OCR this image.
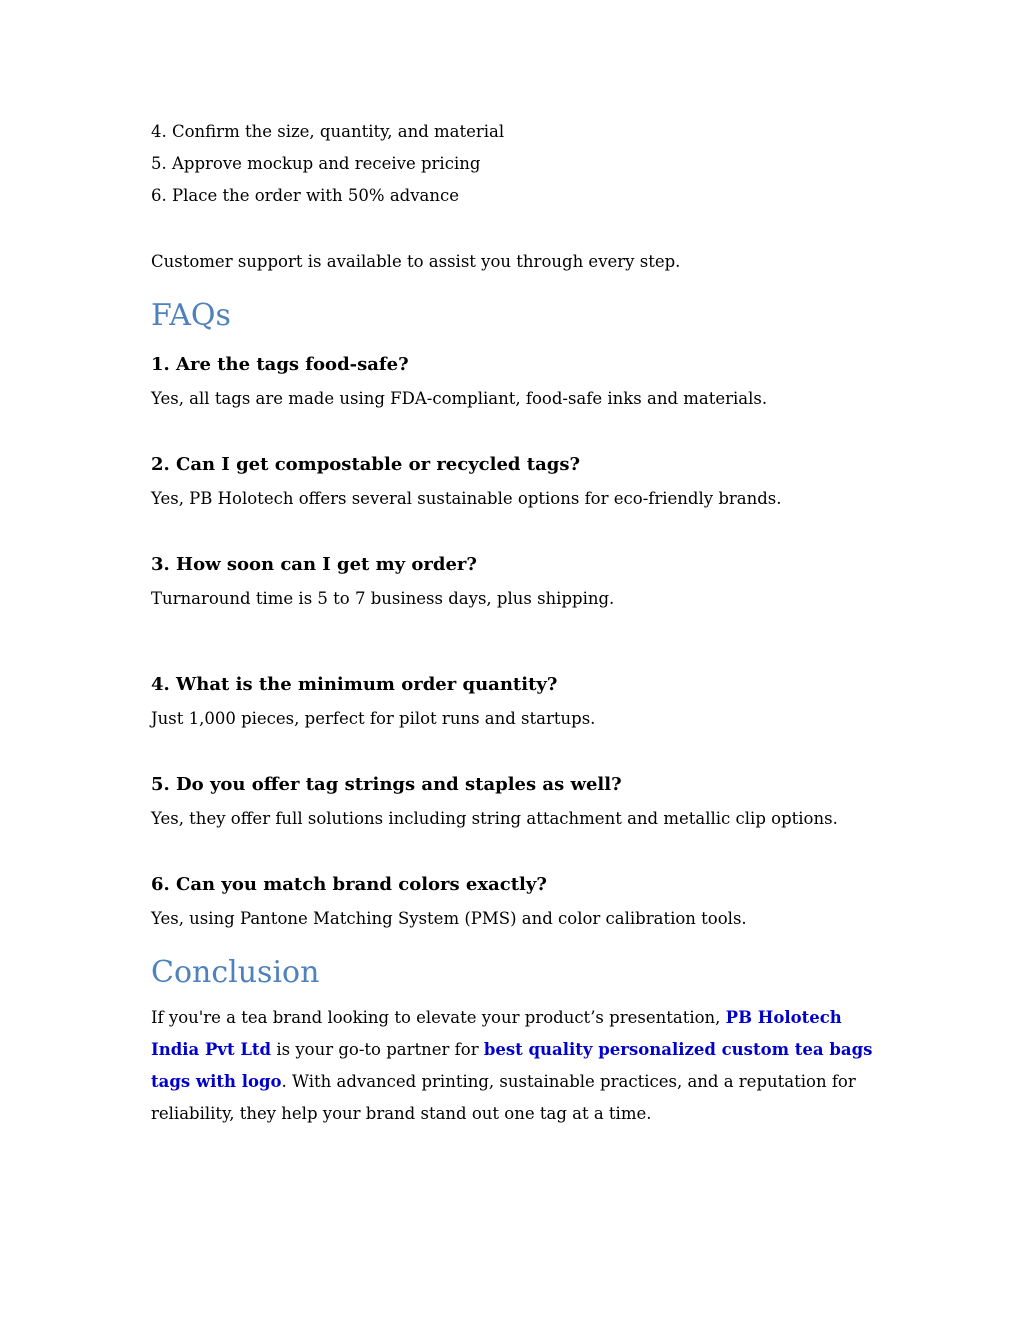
4. Confirm the size, quantity, and material

5. Approve mockup and receive pricing

6. Place the order with 50% advance

Customer support is available to assist you through every step.

FAQs

1. Are the tags food-safe?

Yes, all tags are made using FDA-compliant, food-safe inks and materials.

2. Can I get compostable or recycled tags?

Yes, PB Holotech offers several sustainable options for eco-friendly brands.

3. How soon can I get my order?

Turnaround time is 5 to 7 business days, plus shipping.

4. What is the minimum order quantity?

Just 1,000 pieces, perfect for pilot runs and startups.

5. Do you offer tag strings and staples as well?

Yes, they offer full solutions including string attachment and metallic clip options.

6. Can you match brand colors exactly?

Yes, using Pantone Matching System (PMS) and color calibration tools.

Conclusion

If you're a tea brand looking to elevate your product’s presentation, PB Holotech India Pvt Ltd is your go-to partner for best quality personalized custom tea bags tags with logo. With advanced printing, sustainable practices, and a reputation for reliability, they help your brand stand out one tag at a time.
